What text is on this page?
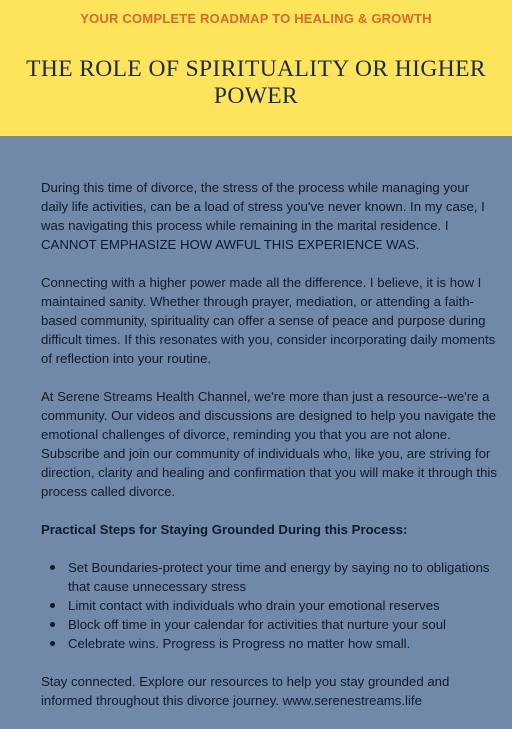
YOUR COMPLETE ROADMAP TO HEALING & GROWTH
THE ROLE OF SPIRITUALITY OR HIGHER POWER

During this time of divorce, the stress of the process while managing your daily life activities, can be a load of stress you've never known. In my case, I was navigating this process while remaining in the marital residence. I CANNOT EMPHASIZE HOW AWFUL THIS EXPERIENCE WAS.

Connecting with a higher power made all the difference. I believe, it is how I maintained sanity. Whether through prayer, mediation, or attending a faith-based community, spirituality can offer a sense of peace and purpose during difficult times. If this resonates with you, consider incorporating daily moments of reflection into your routine.

At Serene Streams Health Channel, we're more than just a resource--we're a community. Our videos and discussions are designed to help you navigate the emotional challenges of divorce, reminding you that you are not alone. Subscribe and join our community of individuals who, like you, are striving for direction, clarity and healing and confirmation that you will make it through this process called divorce.

Practical Steps for Staying Grounded During this Process:

Set Boundaries-protect your time and energy by saying no to obligations that cause unnecessary stress
Limit contact with individuals who drain your emotional reserves
Block off time in your calendar for activities that nurture your soul
Celebrate wins. Progress is Progress no matter how small.

Stay connected. Explore our resources to help you stay grounded and informed throughout this divorce journey. www.serenestreams.life
